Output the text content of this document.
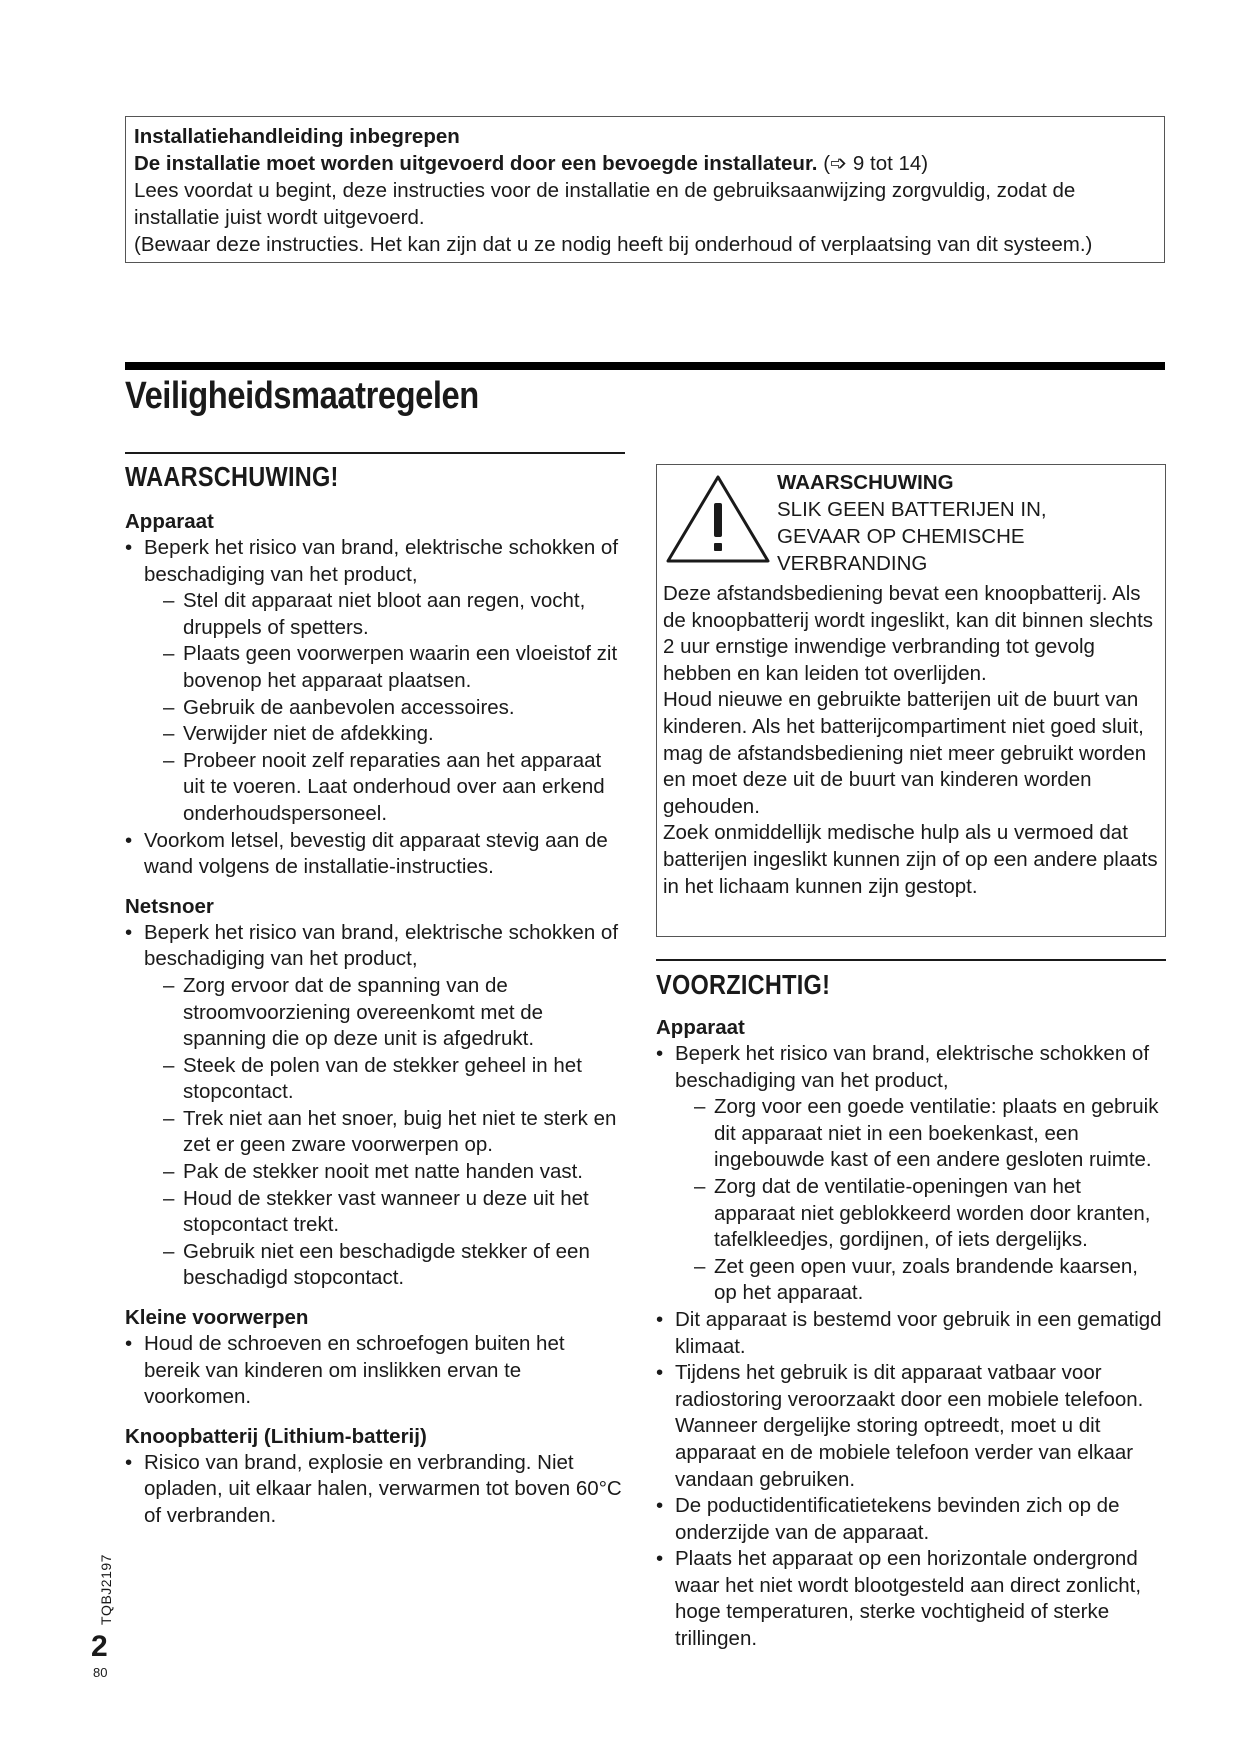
Installatiehandleiding inbegrepen

De installatie moet worden uitgevoerd door een bevoegde installateur. (➩ 9 tot 14)

Lees voordat u begint, deze instructies voor de installatie en de gebruiksaanwijzing zorgvuldig, zodat de installatie juist wordt uitgevoerd.

(Bewaar deze instructies. Het kan zijn dat u ze nodig heeft bij onderhoud of verplaatsing van dit systeem.)

Veiligheidsmaatregelen
WAARSCHUWING!
Apparaat

• Beperk het risico van brand, elektrische schokken of beschadiging van het product,

– Stel dit apparaat niet bloot aan regen, vocht, druppels of spetters.

– Plaats geen voorwerpen waarin een vloeistof zit bovenop het apparaat plaatsen.

– Gebruik de aanbevolen accessoires.

– Verwijder niet de afdekking.

– Probeer nooit zelf reparaties aan het apparaat uit te voeren. Laat onderhoud over aan erkend onderhoudspersoneel.

• Voorkom letsel, bevestig dit apparaat stevig aan de wand volgens de installatie-instructies.

Netsnoer

• Beperk het risico van brand, elektrische schokken of beschadiging van het product,

– Zorg ervoor dat de spanning van de stroomvoorziening overeenkomt met de spanning die op deze unit is afgedrukt.

– Steek de polen van de stekker geheel in het stopcontact.

– Trek niet aan het snoer, buig het niet te sterk en zet er geen zware voorwerpen op.

– Pak de stekker nooit met natte handen vast.

– Houd de stekker vast wanneer u deze uit het stopcontact trekt.

– Gebruik niet een beschadigde stekker of een beschadigd stopcontact.

Kleine voorwerpen

• Houd de schroeven en schroefogen buiten het bereik van kinderen om inslikken ervan te voorkomen.

Knoopbatterij (Lithium-batterij)

• Risico van brand, explosie en verbranding. Niet opladen, uit elkaar halen, verwarmen tot boven 60°C of verbranden.

WAARSCHUWING
SLIK GEEN BATTERIJEN IN,
GEVAAR OP CHEMISCHE
VERBRANDING

Deze afstandsbediening bevat een knoopbatterij. Als de knoopbatterij wordt ingeslikt, kan dit binnen slechts 2 uur ernstige inwendige verbranding tot gevolg hebben en kan leiden tot overlijden.

Houd nieuwe en gebruikte batterijen uit de buurt van kinderen. Als het batterijcompartiment niet goed sluit, mag de afstandsbediening niet meer gebruikt worden en moet deze uit de buurt van kinderen worden gehouden.

Zoek onmiddellijk medische hulp als u vermoed dat batterijen ingeslikt kunnen zijn of op een andere plaats in het lichaam kunnen zijn gestopt.

VOORZICHTIG!
Apparaat

• Beperk het risico van brand, elektrische schokken of beschadiging van het product,

– Zorg voor een goede ventilatie: plaats en gebruik dit apparaat niet in een boekenkast, een ingebouwde kast of een andere gesloten ruimte.

– Zorg dat de ventilatie-openingen van het apparaat niet geblokkeerd worden door kranten, tafelkleedjes, gordijnen, of iets dergelijks.

– Zet geen open vuur, zoals brandende kaarsen, op het apparaat.

• Dit apparaat is bestemd voor gebruik in een gematigd klimaat.

• Tijdens het gebruik is dit apparaat vatbaar voor radiostoring veroorzaakt door een mobiele telefoon. Wanneer dergelijke storing optreedt, moet u dit apparaat en de mobiele telefoon verder van elkaar vandaan gebruiken.

• De poductidentificatietekens bevinden zich op de onderzijde van de apparaat.

• Plaats het apparaat op een horizontale ondergrond waar het niet wordt blootgesteld aan direct zonlicht, hoge temperaturen, sterke vochtigheid of sterke trillingen.

TQBJ2197
2
80
